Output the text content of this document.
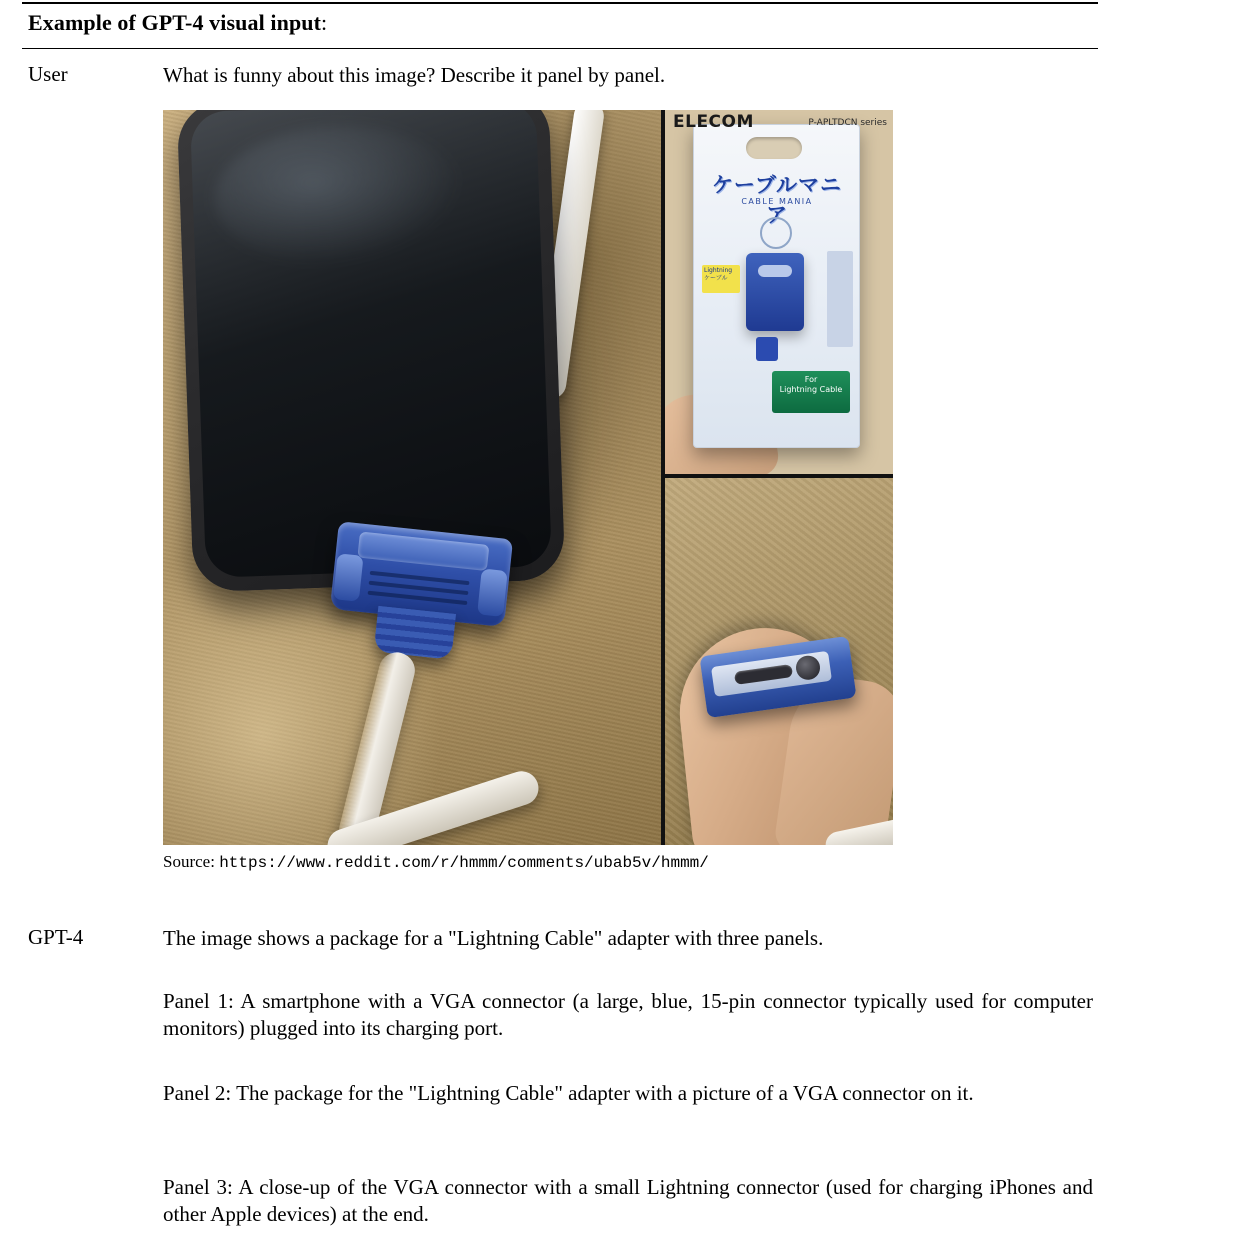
Example of GPT-4 visual input:
User	What is funny about this image? Describe it panel by panel.
ケーブルマニア
CABLE MANIA
Lightning ケーブル
For
Lightning Cable
ELECOM	P-APLTDCN series
Source: https://www.reddit.com/r/hmmm/comments/ubab5v/hmmm/
GPT-4	The image shows a package for a "Lightning Cable" adapter with three panels.
Panel 1: A smartphone with a VGA connector (a large, blue, 15-pin connector typically used for computer monitors) plugged into its charging port.
Panel 2: The package for the "Lightning Cable" adapter with a picture of a VGA connector on it.
Panel 3: A close-up of the VGA connector with a small Lightning connector (used for charging iPhones and other Apple devices) at the end.
